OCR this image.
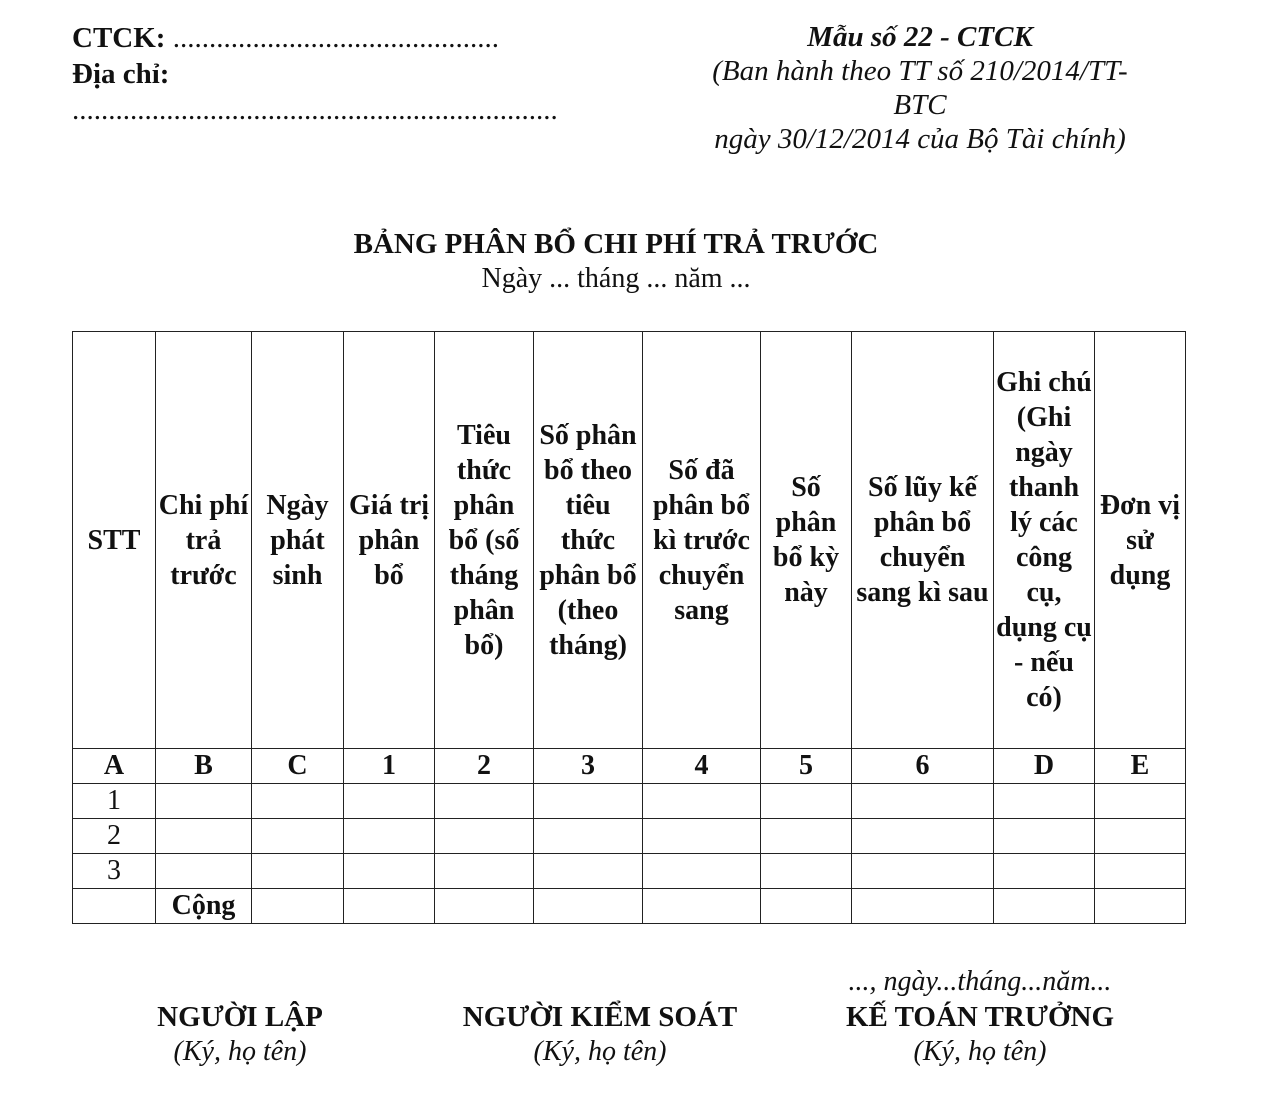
CTCK: .............................................
Địa chỉ:
...................................................................
Mẫu số 22 - CTCK
(Ban hành theo TT số 210/2014/TT-
BTC
ngày 30/12/2014 của Bộ Tài chính)
BẢNG PHÂN BỔ CHI PHÍ TRẢ TRƯỚC
Ngày ... tháng ... năm ...
STT	Chi phí trả trước	Ngày phát sinh	Giá trị phân bổ	Tiêu thức phân bổ (số tháng phân bổ)	Số phân bổ theo tiêu thức phân bổ (theo tháng)	Số đã phân bổ kì trước chuyển sang	Số phân bổ kỳ này	Số lũy kế phân bổ chuyển sang kì sau	Ghi chú (Ghi ngày thanh lý các công cụ, dụng cụ - nếu có)	Đơn vị sử dụng
A	B	C	1	2	3	4	5	6	D	E
1										
2										
3										
	Cộng									
..., ngày...tháng...năm...
NGƯỜI LẬP
(Ký, họ tên)
NGƯỜI KIỂM SOÁT
(Ký, họ tên)
KẾ TOÁN TRƯỞNG
(Ký, họ tên)
